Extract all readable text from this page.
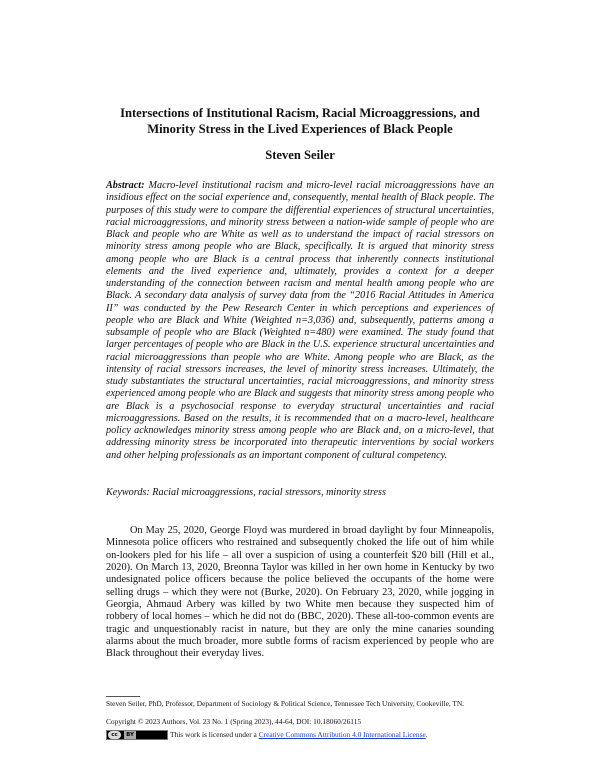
Intersections of Institutional Racism, Racial Microaggressions, and Minority Stress in the Lived Experiences of Black People
Steven Seiler

Abstract: Macro-level institutional racism and micro-level racial microaggressions have an insidious effect on the social experience and, consequently, mental health of Black people. The purposes of this study were to compare the differential experiences of structural uncertainties, racial microaggressions, and minority stress between a nation-wide sample of people who are Black and people who are White as well as to understand the impact of racial stressors on minority stress among people who are Black, specifically. It is argued that minority stress among people who are Black is a central process that inherently connects institutional elements and the lived experience and, ultimately, provides a context for a deeper understanding of the connection between racism and mental health among people who are Black. A secondary data analysis of survey data from the “2016 Racial Attitudes in America II” was conducted by the Pew Research Center in which perceptions and experiences of people who are Black and White (Weighted n=3,036) and, subsequently, patterns among a subsample of people who are Black (Weighted n=480) were examined. The study found that larger percentages of people who are Black in the U.S. experience structural uncertainties and racial microaggressions than people who are White. Among people who are Black, as the intensity of racial stressors increases, the level of minority stress increases. Ultimately, the study substantiates the structural uncertainties, racial microaggressions, and minority stress experienced among people who are Black and suggests that minority stress among people who are Black is a psychosocial response to everyday structural uncertainties and racial microaggressions. Based on the results, it is recommended that on a macro-level, healthcare policy acknowledges minority stress among people who are Black and, on a micro-level, that addressing minority stress be incorporated into therapeutic interventions by social workers and other helping professionals as an important component of cultural competency.

Keywords: Racial microaggressions, racial stressors, minority stress

On May 25, 2020, George Floyd was murdered in broad daylight by four Minneapolis, Minnesota police officers who restrained and subsequently choked the life out of him while on-lookers pled for his life – all over a suspicion of using a counterfeit $20 bill (Hill et al., 2020). On March 13, 2020, Breonna Taylor was killed in her own home in Kentucky by two undesignated police officers because the police believed the occupants of the home were selling drugs – which they were not (Burke, 2020). On February 23, 2020, while jogging in Georgia, Ahmaud Arbery was killed by two White men because they suspected him of robbery of local homes – which he did not do (BBC, 2020). These all-too-common events are tragic and unquestionably racist in nature, but they are only the mine canaries sounding alarms about the much broader, more subtle forms of racism experienced by people who are Black throughout their everyday lives.

Steven Seiler, PhD, Professor, Department of Sociology & Political Science, Tennessee Tech University, Cookeville, TN.

Copyright © 2023 Authors, Vol. 23 No. 1 (Spring 2023), 44-64, DOI: 10.18060/26115

cc	BY	This work is licensed under a Creative Commons Attribution 4.0 International License.
